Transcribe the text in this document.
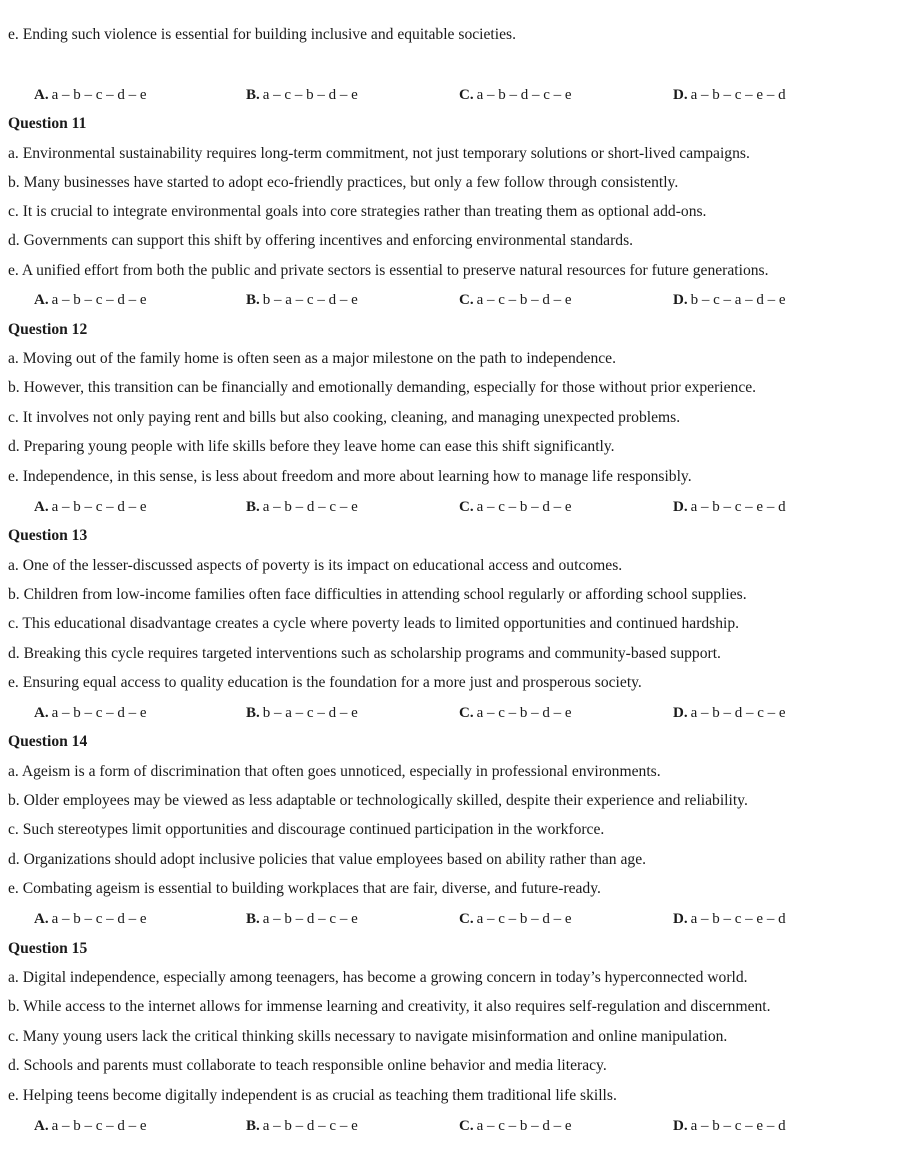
e. Ending such violence is essential for building inclusive and equitable societies.
A. a – b – c – d – e	B. a – c – b – d – e	C. a – b – d – c – e	D. a – b – c – e – d
Question 11
a. Environmental sustainability requires long-term commitment, not just temporary solutions or short-lived campaigns.
b. Many businesses have started to adopt eco-friendly practices, but only a few follow through consistently.
c. It is crucial to integrate environmental goals into core strategies rather than treating them as optional add-ons.
d. Governments can support this shift by offering incentives and enforcing environmental standards.
e. A unified effort from both the public and private sectors is essential to preserve natural resources for future generations.
A. a – b – c – d – e	B. b – a – c – d – e	C. a – c – b – d – e	D. b – c – a – d – e
Question 12
a. Moving out of the family home is often seen as a major milestone on the path to independence.
b. However, this transition can be financially and emotionally demanding, especially for those without prior experience.
c. It involves not only paying rent and bills but also cooking, cleaning, and managing unexpected problems.
d. Preparing young people with life skills before they leave home can ease this shift significantly.
e. Independence, in this sense, is less about freedom and more about learning how to manage life responsibly.
A. a – b – c – d – e	B. a – b – d – c – e	C. a – c – b – d – e	D. a – b – c – e – d
Question 13
a. One of the lesser-discussed aspects of poverty is its impact on educational access and outcomes.
b. Children from low-income families often face difficulties in attending school regularly or affording school supplies.
c. This educational disadvantage creates a cycle where poverty leads to limited opportunities and continued hardship.
d. Breaking this cycle requires targeted interventions such as scholarship programs and community-based support.
e. Ensuring equal access to quality education is the foundation for a more just and prosperous society.
A. a – b – c – d – e	B. b – a – c – d – e	C. a – c – b – d – e	D. a – b – d – c – e
Question 14
a. Ageism is a form of discrimination that often goes unnoticed, especially in professional environments.
b. Older employees may be viewed as less adaptable or technologically skilled, despite their experience and reliability.
c. Such stereotypes limit opportunities and discourage continued participation in the workforce.
d. Organizations should adopt inclusive policies that value employees based on ability rather than age.
e. Combating ageism is essential to building workplaces that are fair, diverse, and future-ready.
A. a – b – c – d – e	B. a – b – d – c – e	C. a – c – b – d – e	D. a – b – c – e – d
Question 15
a. Digital independence, especially among teenagers, has become a growing concern in today’s hyperconnected world.
b. While access to the internet allows for immense learning and creativity, it also requires self-regulation and discernment.
c. Many young users lack the critical thinking skills necessary to navigate misinformation and online manipulation.
d. Schools and parents must collaborate to teach responsible online behavior and media literacy.
e. Helping teens become digitally independent is as crucial as teaching them traditional life skills.
A. a – b – c – d – e	B. a – b – d – c – e	C. a – c – b – d – e	D. a – b – c – e – d
